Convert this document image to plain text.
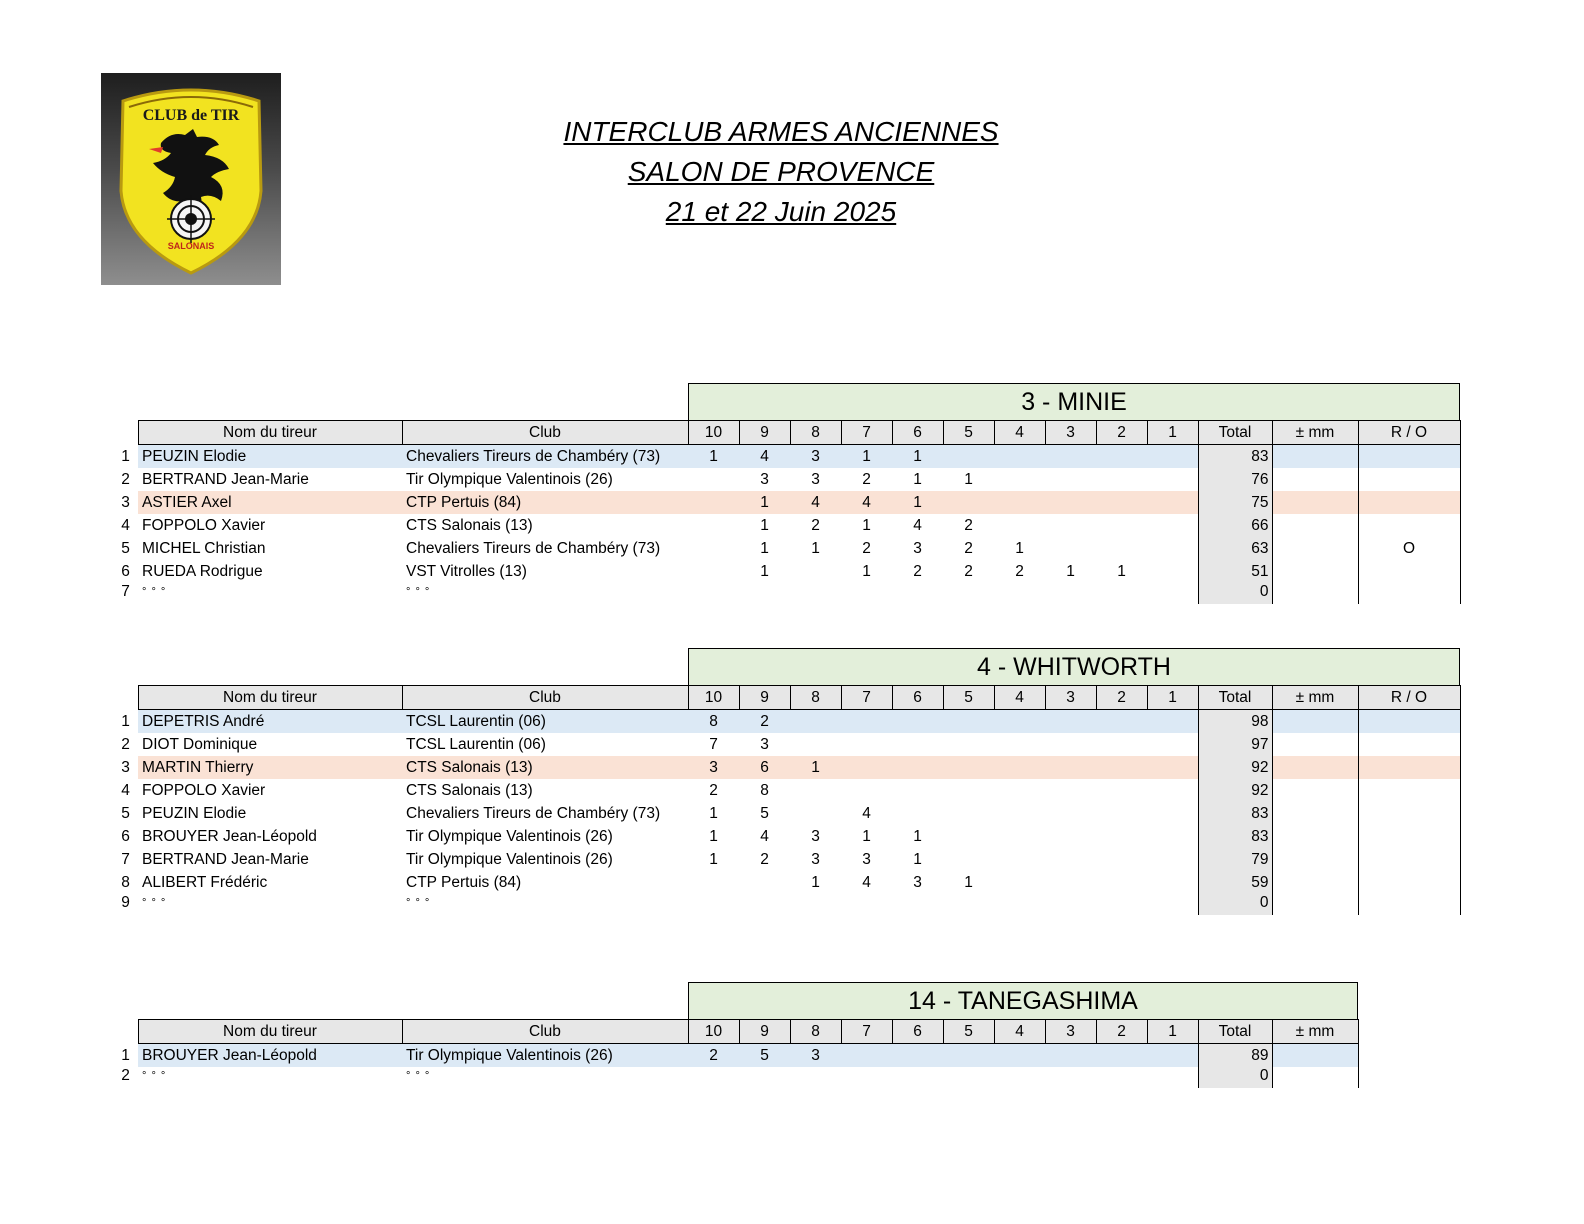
CLUB de TIR
SALONAIS
INTERCLUB ARMES ANCIENNES
SALON DE PROVENCE
21 et 22 Juin 2025
3 - MINIE
	Nom du tireur	Club	10	9	8	7	6	5	4	3	2	1	Total	± mm	R / O
1	PEUZIN Elodie	Chevaliers Tireurs de Chambéry (73)	1	4	3	1	1						83		
2	BERTRAND Jean-Marie	Tir Olympique Valentinois (26)		3	3	2	1	1					76		
3	ASTIER Axel	CTP Pertuis (84)		1	4	4	1						75		
4	FOPPOLO Xavier	CTS Salonais (13)		1	2	1	4	2					66		
5	MICHEL Christian	Chevaliers Tireurs de Chambéry (73)		1	1	2	3	2	1				63		O
6	RUEDA Rodrigue	VST Vitrolles (13)		1		1	2	2	2	1	1		51		
7	° ° °	° ° °											0		
4 - WHITWORTH
	Nom du tireur	Club	10	9	8	7	6	5	4	3	2	1	Total	± mm	R / O
1	DEPETRIS André	TCSL Laurentin (06)	8	2									98		
2	DIOT Dominique	TCSL Laurentin (06)	7	3									97		
3	MARTIN Thierry	CTS Salonais (13)	3	6	1								92		
4	FOPPOLO Xavier	CTS Salonais (13)	2	8									92		
5	PEUZIN Elodie	Chevaliers Tireurs de Chambéry (73)	1	5		4							83		
6	BROUYER Jean-Léopold	Tir Olympique Valentinois (26)	1	4	3	1	1						83		
7	BERTRAND Jean-Marie	Tir Olympique Valentinois (26)	1	2	3	3	1						79		
8	ALIBERT Frédéric	CTP Pertuis (84)			1	4	3	1					59		
9	° ° °	° ° °											0		
14 - TANEGASHIMA
	Nom du tireur	Club	10	9	8	7	6	5	4	3	2	1	Total	± mm
1	BROUYER Jean-Léopold	Tir Olympique Valentinois (26)	2	5	3								89	
2	° ° °	° ° °											0	
